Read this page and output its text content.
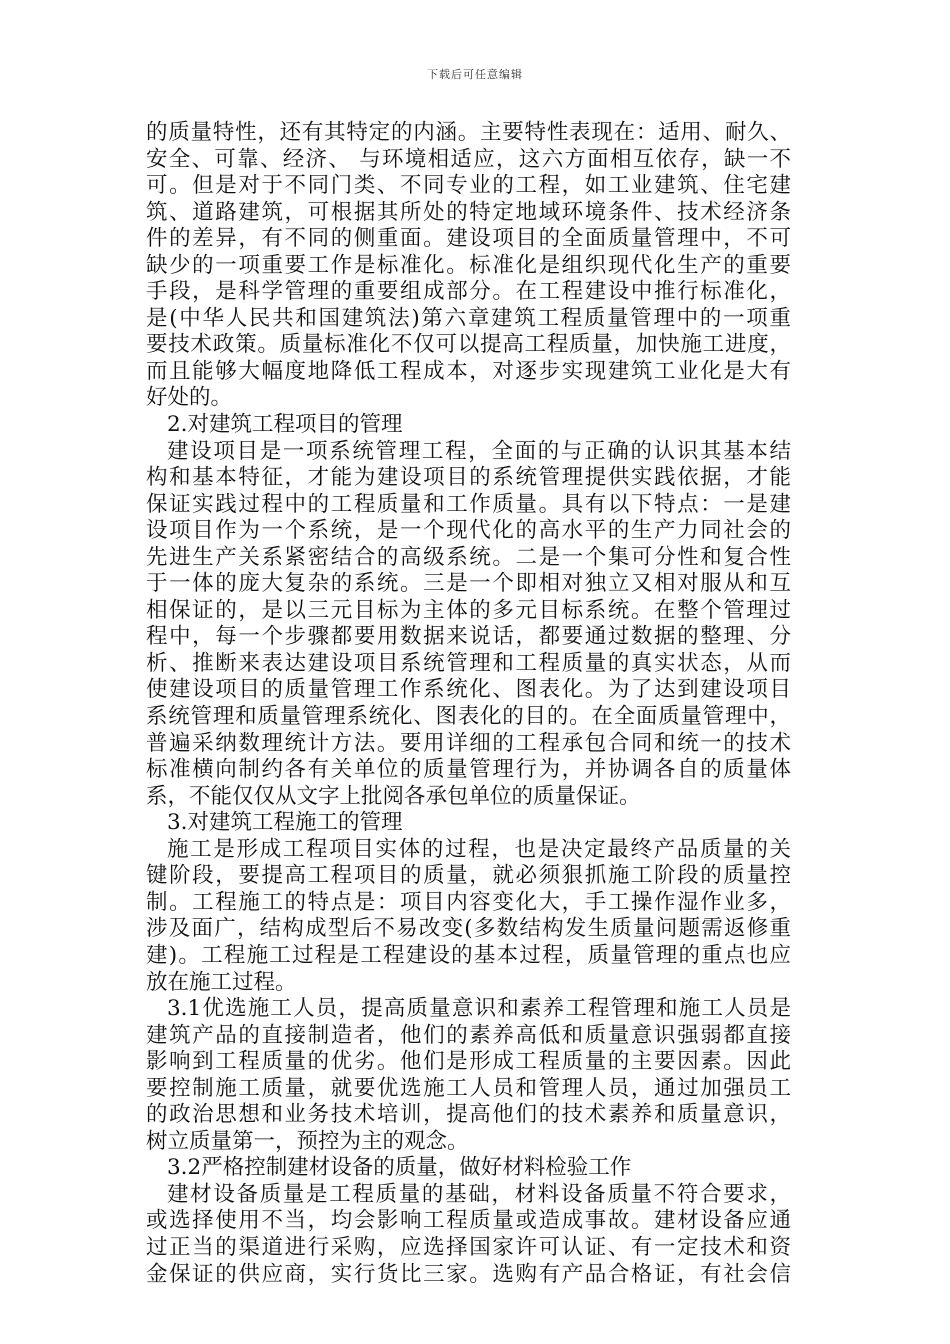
下载后可任意编辑
的质量特性，还有其特定的内涵。主要特性表现在：适用、耐久、
安全、可靠、经济、 与环境相适应，这六方面相互依存，缺一不
可。但是对于不同门类、不同专业的工程，如工业建筑、住宅建
筑、道路建筑，可根据其所处的特定地域环境条件、技术经济条
件的差异，有不同的侧重面。建设项目的全面质量管理中，不可
缺少的一项重要工作是标准化。标准化是组织现代化生产的重要
手段，是科学管理的重要组成部分。在工程建设中推行标准化，
是(中华人民共和国建筑法)第六章建筑工程质量管理中的一项重
要技术政策。质量标准化不仅可以提高工程质量，加快施工进度，
而且能够大幅度地降低工程成本，对逐步实现建筑工业化是大有
好处的。
2.对建筑工程项目的管理
建设项目是一项系统管理工程，全面的与正确的认识其基本结
构和基本特征，才能为建设项目的系统管理提供实践依据，才能
保证实践过程中的工程质量和工作质量。具有以下特点：一是建
设项目作为一个系统，是一个现代化的高水平的生产力同社会的
先进生产关系紧密结合的高级系统。二是一个集可分性和复合性
于一体的庞大复杂的系统。三是一个即相对独立又相对服从和互
相保证的，是以三元目标为主体的多元目标系统。在整个管理过
程中，每一个步骤都要用数据来说话，都要通过数据的整理、分
析、推断来表达建设项目系统管理和工程质量的真实状态，从而
使建设项目的质量管理工作系统化、图表化。为了达到建设项目
系统管理和质量管理系统化、图表化的目的。在全面质量管理中，
普遍采纳数理统计方法。要用详细的工程承包合同和统一的技术
标准横向制约各有关单位的质量管理行为，并协调各自的质量体
系，不能仅仅从文字上批阅各承包单位的质量保证。
3.对建筑工程施工的管理
施工是形成工程项目实体的过程，也是决定最终产品质量的关
键阶段，要提高工程项目的质量，就必须狠抓施工阶段的质量控
制。工程施工的特点是：项目内容变化大，手工操作湿作业多，
涉及面广，结构成型后不易改变(多数结构发生质量问题需返修重
建)。工程施工过程是工程建设的基本过程，质量管理的重点也应
放在施工过程。
3.1优选施工人员，提高质量意识和素养工程管理和施工人员是
建筑产品的直接制造者，他们的素养高低和质量意识强弱都直接
影响到工程质量的优劣。他们是形成工程质量的主要因素。因此
要控制施工质量，就要优选施工人员和管理人员，通过加强员工
的政治思想和业务技术培训，提高他们的技术素养和质量意识，
树立质量第一，预控为主的观念。
3.2严格控制建材设备的质量，做好材料检验工作
建材设备质量是工程质量的基础，材料设备质量不符合要求，
或选择使用不当，均会影响工程质量或造成事故。建材设备应通
过正当的渠道进行采购，应选择国家许可认证、有一定技术和资
金保证的供应商，实行货比三家。选购有产品合格证，有社会信
